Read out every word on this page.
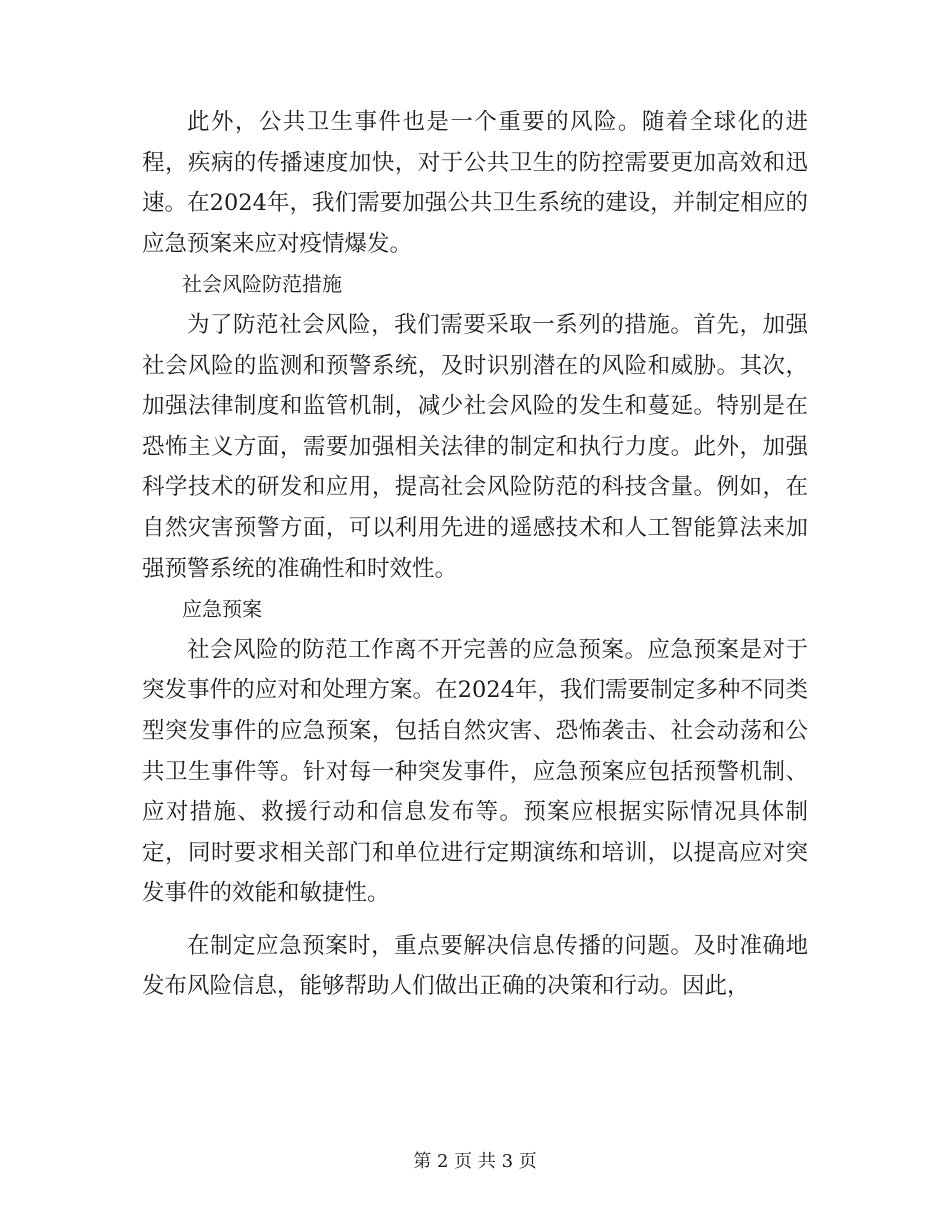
此外，公共卫生事件也是一个重要的风险。随着全球化的进程，疾病的传播速度加快，对于公共卫生的防控需要更加高效和迅速。在2024年，我们需要加强公共卫生系统的建设，并制定相应的应急预案来应对疫情爆发。

社会风险防范措施

为了防范社会风险，我们需要采取一系列的措施。首先，加强社会风险的监测和预警系统，及时识别潜在的风险和威胁。其次，加强法律制度和监管机制，减少社会风险的发生和蔓延。特别是在恐怖主义方面，需要加强相关法律的制定和执行力度。此外，加强科学技术的研发和应用，提高社会风险防范的科技含量。例如，在自然灾害预警方面，可以利用先进的遥感技术和人工智能算法来加强预警系统的准确性和时效性。

应急预案

社会风险的防范工作离不开完善的应急预案。应急预案是对于突发事件的应对和处理方案。在2024年，我们需要制定多种不同类型突发事件的应急预案，包括自然灾害、恐怖袭击、社会动荡和公共卫生事件等。针对每一种突发事件，应急预案应包括预警机制、应对措施、救援行动和信息发布等。预案应根据实际情况具体制定，同时要求相关部门和单位进行定期演练和培训，以提高应对突发事件的效能和敏捷性。

在制定应急预案时，重点要解决信息传播的问题。及时准确地发布风险信息，能够帮助人们做出正确的决策和行动。因此，

第 2 页 共 3 页
